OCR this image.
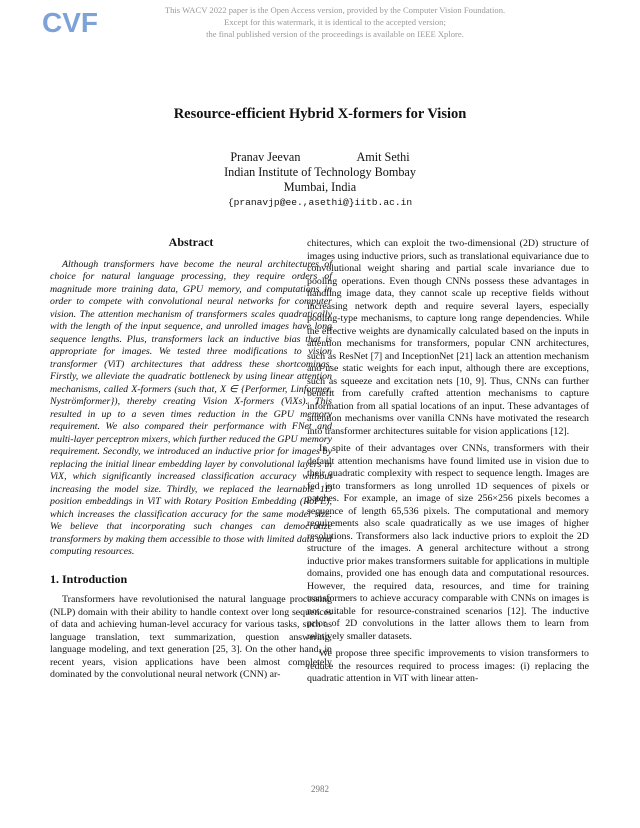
CVF	This WACV 2022 paper is the Open Access version, provided by the Computer Vision Foundation.
Except for this watermark, it is identical to the accepted version;
the final published version of the proceedings is available on IEEE Xplore.
Resource-efficient Hybrid X-formers for Vision
Pranav Jeevan	Amit Sethi
Indian Institute of Technology Bombay
Mumbai, India
{pranavjp@ee.,asethi@}iitb.ac.in
Abstract

Although transformers have become the neural architectures of choice for natural language processing, they require orders of magnitude more training data, GPU memory, and computations in order to compete with convolutional neural networks for computer vision. The attention mechanism of transformers scales quadratically with the length of the input sequence, and unrolled images have long sequence lengths. Plus, transformers lack an inductive bias that is appropriate for images. We tested three modifications to vision transformer (ViT) architectures that address these shortcomings. Firstly, we alleviate the quadratic bottleneck by using linear attention mechanisms, called X-formers (such that, X ∈ {Performer, Linformer, Nyströmformer}), thereby creating Vision X-formers (ViXs). This resulted in up to a seven times reduction in the GPU memory requirement. We also compared their performance with FNet and multi-layer perceptron mixers, which further reduced the GPU memory requirement. Secondly, we introduced an inductive prior for images by replacing the initial linear embedding layer by convolutional layers in ViX, which significantly increased classification accuracy without increasing the model size. Thirdly, we replaced the learnable 1D position embeddings in ViT with Rotary Position Embedding (RoPE), which increases the classification accuracy for the same model size. We believe that incorporating such changes can democratize transformers by making them accessible to those with limited data and computing resources.

1. Introduction

Transformers have revolutionised the natural language processing (NLP) domain with their ability to handle context over long sequences of data and achieving human-level accuracy for various tasks, such as language translation, text summarization, question answering, language modeling, and text generation [25, 3]. On the other hand, in recent years, vision applications have been almost completely dominated by the convolutional neural network (CNN) ar-

chitectures, which can exploit the two-dimensional (2D) structure of images using inductive priors, such as translational equivariance due to convolutional weight sharing and partial scale invariance due to pooling operations. Even though CNNs possess these advantages in handling image data, they cannot scale up receptive fields without increasing network depth and require several layers, especially pooling-type mechanisms, to capture long range dependencies. While the effective weights are dynamically calculated based on the inputs in attention mechanisms for transformers, popular CNN architectures, such as ResNet [7] and InceptionNet [21] lack an attention mechanism and use static weights for each input, although there are exceptions, such as squeeze and excitation nets [10, 9]. Thus, CNNs can further benefit from carefully crafted attention mechanisms to capture information from all spatial locations of an input. These advantages of attention mechanisms over vanilla CNNs have motivated the research into transformer architectures suitable for vision applications [12].

In spite of their advantages over CNNs, transformers with their default attention mechanisms have found limited use in vision due to their quadratic complexity with respect to sequence length. Images are fed into transformers as long unrolled 1D sequences of pixels or patches. For example, an image of size 256×256 pixels becomes a sequence of length 65,536 pixels. The computational and memory requirements also scale quadratically as we use images of higher resolutions. Transformers also lack inductive priors to exploit the 2D structure of the images. A general architecture without a strong inductive prior makes transformers suitable for applications in multiple domains, provided one has enough data and computational resources. However, the required data, resources, and time for training transformers to achieve accuracy comparable with CNNs on images is not suitable for resource-constrained scenarios [12]. The inductive prior of 2D convolutions in the latter allows them to learn from relatively smaller datasets.

We propose three specific improvements to vision transformers to reduce the resources required to process images: (i) replacing the quadratic attention in ViT with linear atten-

2982
